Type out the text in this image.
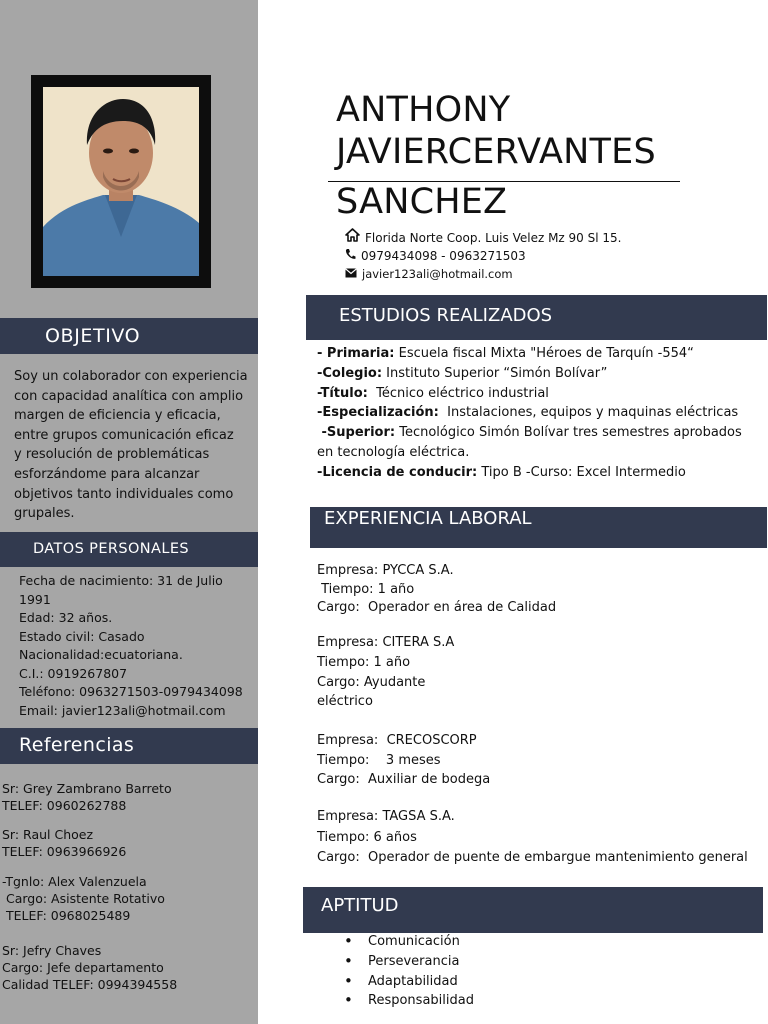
OBJETIVO
Soy un colaborador con experiencia
con capacidad analítica con amplio
margen de eficiencia y eficacia,
entre grupos comunicación eficaz
y resolución de problemáticas
esforzándome para alcanzar
objetivos tanto individuales como
grupales.
DATOS PERSONALES
Fecha de nacimiento: 31 de Julio 1991
Edad: 32 años.
Estado civil: Casado
Nacionalidad:ecuatoriana.
C.I.: 0919267807
Teléfono: 0963271503-0979434098
Email: javier123ali@hotmail.com
Referencias
Sr: Grey Zambrano Barreto
TELEF: 0960262788
Sr: Raul Choez
TELEF: 0963966926
-Tgnlo: Alex Valenzuela
Cargo: Asistente Rotativo
TELEF: 0968025489
Sr: Jefry Chaves
Cargo: Jefe departamento
Calidad TELEF: 0994394558
ANTHONY
JAVIERCERVANTES
SANCHEZ
Florida Norte Coop. Luis Velez Mz 90 Sl 15.
0979434098 - 0963271503
javier123ali@hotmail.com
ESTUDIOS REALIZADOS
- Primaria: Escuela fiscal Mixta "Héroes de Tarquín -554“
-Colegio: Instituto Superior “Simón Bolívar”
-Título:  Técnico eléctrico industrial
-Especialización:  Instalaciones, equipos y maquinas eléctricas
-Superior: Tecnológico Simón Bolívar tres semestres aprobados
en tecnología eléctrica.
-Licencia de conducir: Tipo B -Curso: Excel Intermedio
EXPERIENCIA LABORAL
Empresa: PYCCA S.A.
Tiempo: 1 año
Cargo:  Operador en área de Calidad
Empresa: CITERA S.A
Tiempo: 1 año
Cargo: Ayudante
eléctrico
Empresa:  CRECOSCORP
Tiempo:    3 meses
Cargo:  Auxiliar de bodega
Empresa: TAGSA S.A.
Tiempo: 6 años
Cargo:  Operador de puente de embargue mantenimiento general
APTITUD
• Comunicación
• Perseverancia
• Adaptabilidad
• Responsabilidad
